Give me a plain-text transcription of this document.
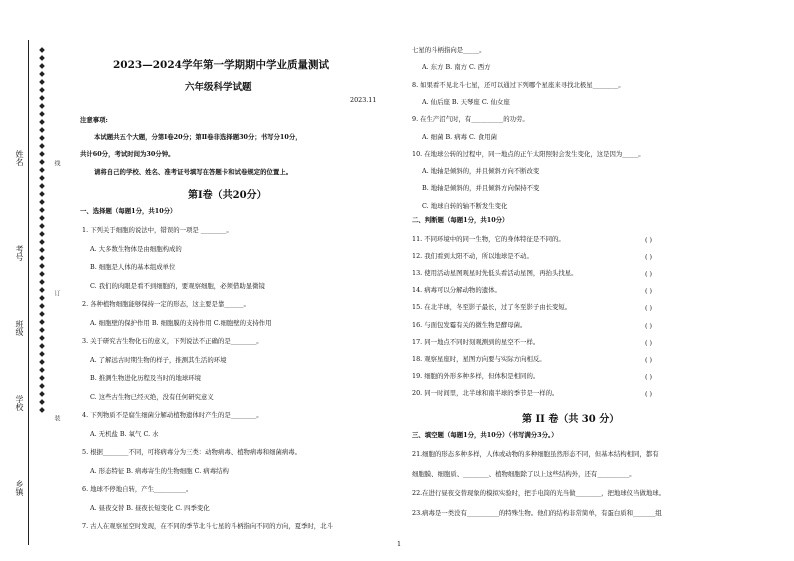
姓名
考号
班级
学校
乡镇
线
订
装
2023—2024学年第一学期期中学业质量测试
六年级科学试题
2023.11
注意事项:
本试题共五个大题，分第Ⅰ卷20分；第Ⅱ卷非选择题30分；书写分10分，
共计60分，考试时间为30分钟。
请将自己的学校、姓名、准考证号填写在答题卡和试卷规定的位置上。
第Ⅰ卷（共20分）
一、选择题（每题1分，共10分）
1. 下列关于细胞的说法中，错误的一项是 ________。
A. 大多数生物体是由细胞构成的
B. 细胞是人体的基本组成单位
C. 我们的肉眼是看不到细胞的，要观察细胞，必须借助显微镜
2. 各种植物细胞能够保持一定的形态，这主要是靠______。
A. 细胞壁的保护作用 B. 细胞膜的支持作用 C.细胞壁的支持作用
3. 关于研究古生物化石的意义，下列说法不正确的是________。
A. 了解远古时期生物的样子，推测其生活的环境
B. 推测生物进化历程及当时的地球环境
C. 这些古生物已经灭绝，没有任何研究意义
4. 下列物质不是腐生细菌分解动植物遗体时产生的是________。
A. 无机盐 B. 氧气 C. 水
5. 根据________不同，可将病毒分为三类：动物病毒、植物病毒和细菌病毒。
A. 形态特征 B. 病毒寄生的生物细胞 C. 病毒结构
6. 地球不停地自转，产生__________。
A. 昼夜交替 B. 昼夜长短变化 C. 四季变化
7. 古人在观察星空时发现，在不同的季节北斗七星的斗柄指向不同的方向，夏季时，北斗
七星的斗柄指向是_____。
A. 东方 B. 南方 C. 西方
8. 如果看不见北斗七星，还可以通过下列哪个星座来寻找北极星________。
A. 仙后座 B. 天琴座 C. 仙女座
9. 在生产沼气时，有__________的功劳。
A. 细菌 B. 病毒 C. 食用菌
10. 在地球公转的过程中，同一地点的正午太阳照射会发生变化，这是因为_____。
A. 地轴是倾斜的，并且倾斜方向不断改变
B. 地轴是倾斜的，并且倾斜方向保持不变
C. 地球自转的轴不断发生变化
二、判断题（每题1分，共10分）
11. 不同环境中的同一生物，它的身体特征是不同的。	( )
12. 我们看到太阳不动，所以地球是不动。	( )
13. 使用活动星图观星时先低头看活动星图，再抬头找星。	( )
14. 病毒可以分解动物的遗体。	( )
15. 在北半球，冬至影子最长，过了冬至影子由长变短。	( )
16. 与面包发霉有关的微生物是酵母菌。	( )
17. 同一地点不同时刻观测到的星空不一样。	( )
18. 观察星座时，星图方向要与实际方向相反。	( )
19. 细胞的外形多种多样，但体积是相同的。	( )
20. 同一时间里，北半球和南半球的季节是一样的。	( )
第 II 卷（共 30 分）
三、填空题（每题1分，共10分）（书写满分3分。）
21.细胞的形态多种多样，人体或动物的多种细胞虽然形态不同，但基本结构相同，都有
细胞膜、细胞质、________、植物细胞除了以上这些结构外，还有__________。
22.在进行昼夜交替现象的模拟实验时，把手电筒的光当做________，把地球仪当做地球。
23.病毒是一类没有__________的特殊生物。他们的结构非常简单，有蛋白质和_______组
1
